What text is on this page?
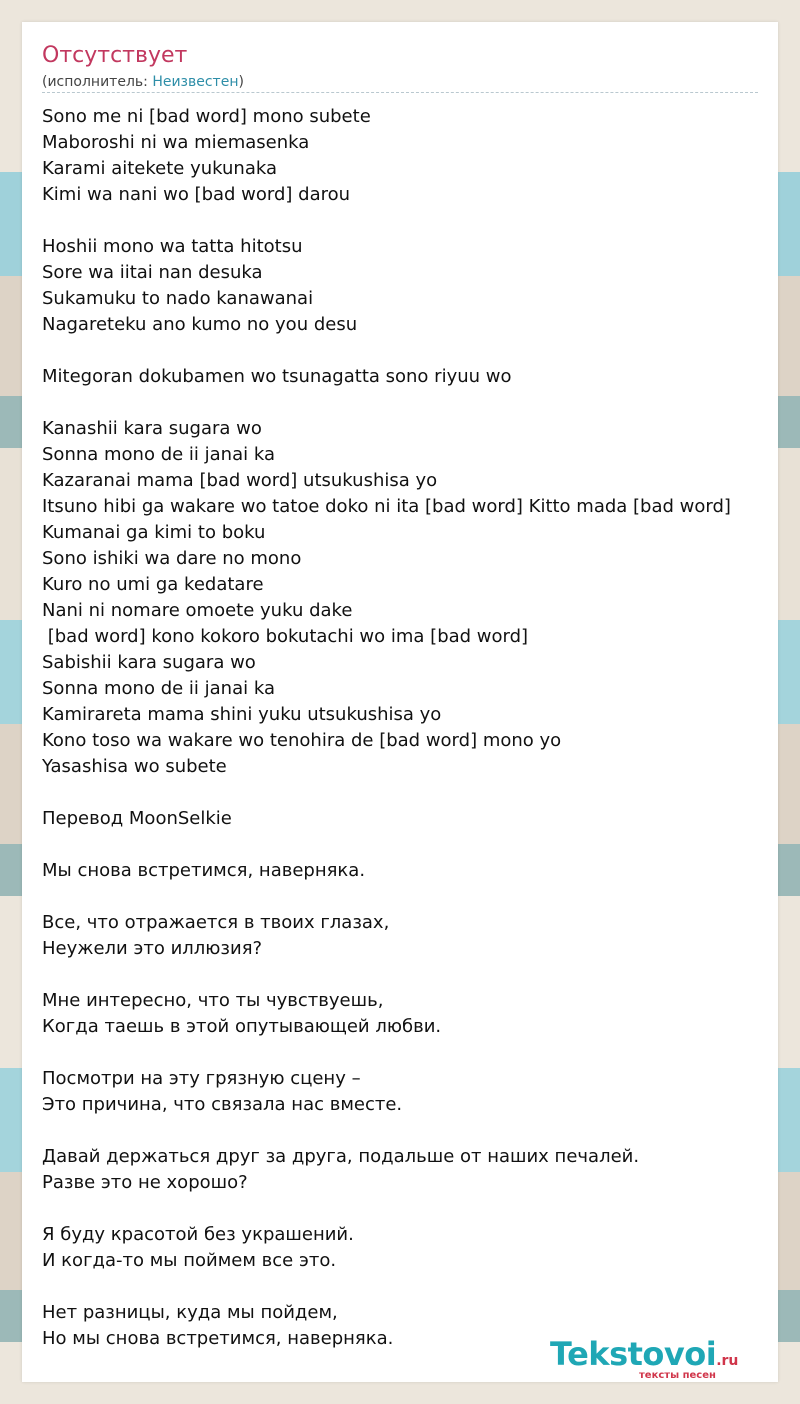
Отсутствует
(исполнитель: Неизвестен)
Sono me ni [bad word] mono subete
Maboroshi ni wa miemasenka
Karami aitekete yukunaka
Kimi wa nani wo [bad word] darou
Hoshii mono wa tatta hitotsu
Sore wa iitai nan desuka
Sukamuku to nado kanawanai
Nagareteku ano kumo no you desu
Mitegoran dokubamen wo tsunagatta sono riyuu wo
Kanashii kara sugara wo
Sonna mono de ii janai ka
Kazaranai mama [bad word] utsukushisa yo
Itsuno hibi ga wakare wo tatoe doko ni ita [bad word] Kitto mada [bad word]
Kumanai ga kimi to boku
Sono ishiki wa dare no mono
Kuro no umi ga kedatare
Nani ni nomare omoete yuku dake
[bad word] kono kokoro bokutachi wo ima [bad word]
Sabishii kara sugara wo
Sonna mono de ii janai ka
Kamirareta mama shini yuku utsukushisa yo
Kono toso wa wakare wo tenohira de [bad word] mono yo
Yasashisa wo subete
Перевод MoonSelkie
Мы снова встретимся, наверняка.
Все, что отражается в твоих глазах,
Неужели это иллюзия?
Мне интересно, что ты чувствуешь,
Когда таешь в этой опутывающей любви.
Посмотри на эту грязную сцену –
Это причина, что связала нас вместе.
Давай держаться друг за друга, подальше от наших печалей.
Разве это не хорошо?
Я буду красотой без украшений.
И когда-то мы поймем все это.
Нет разницы, куда мы пойдем,
Но мы снова встретимся, наверняка.	Tekstovoi.ru
тексты песен
